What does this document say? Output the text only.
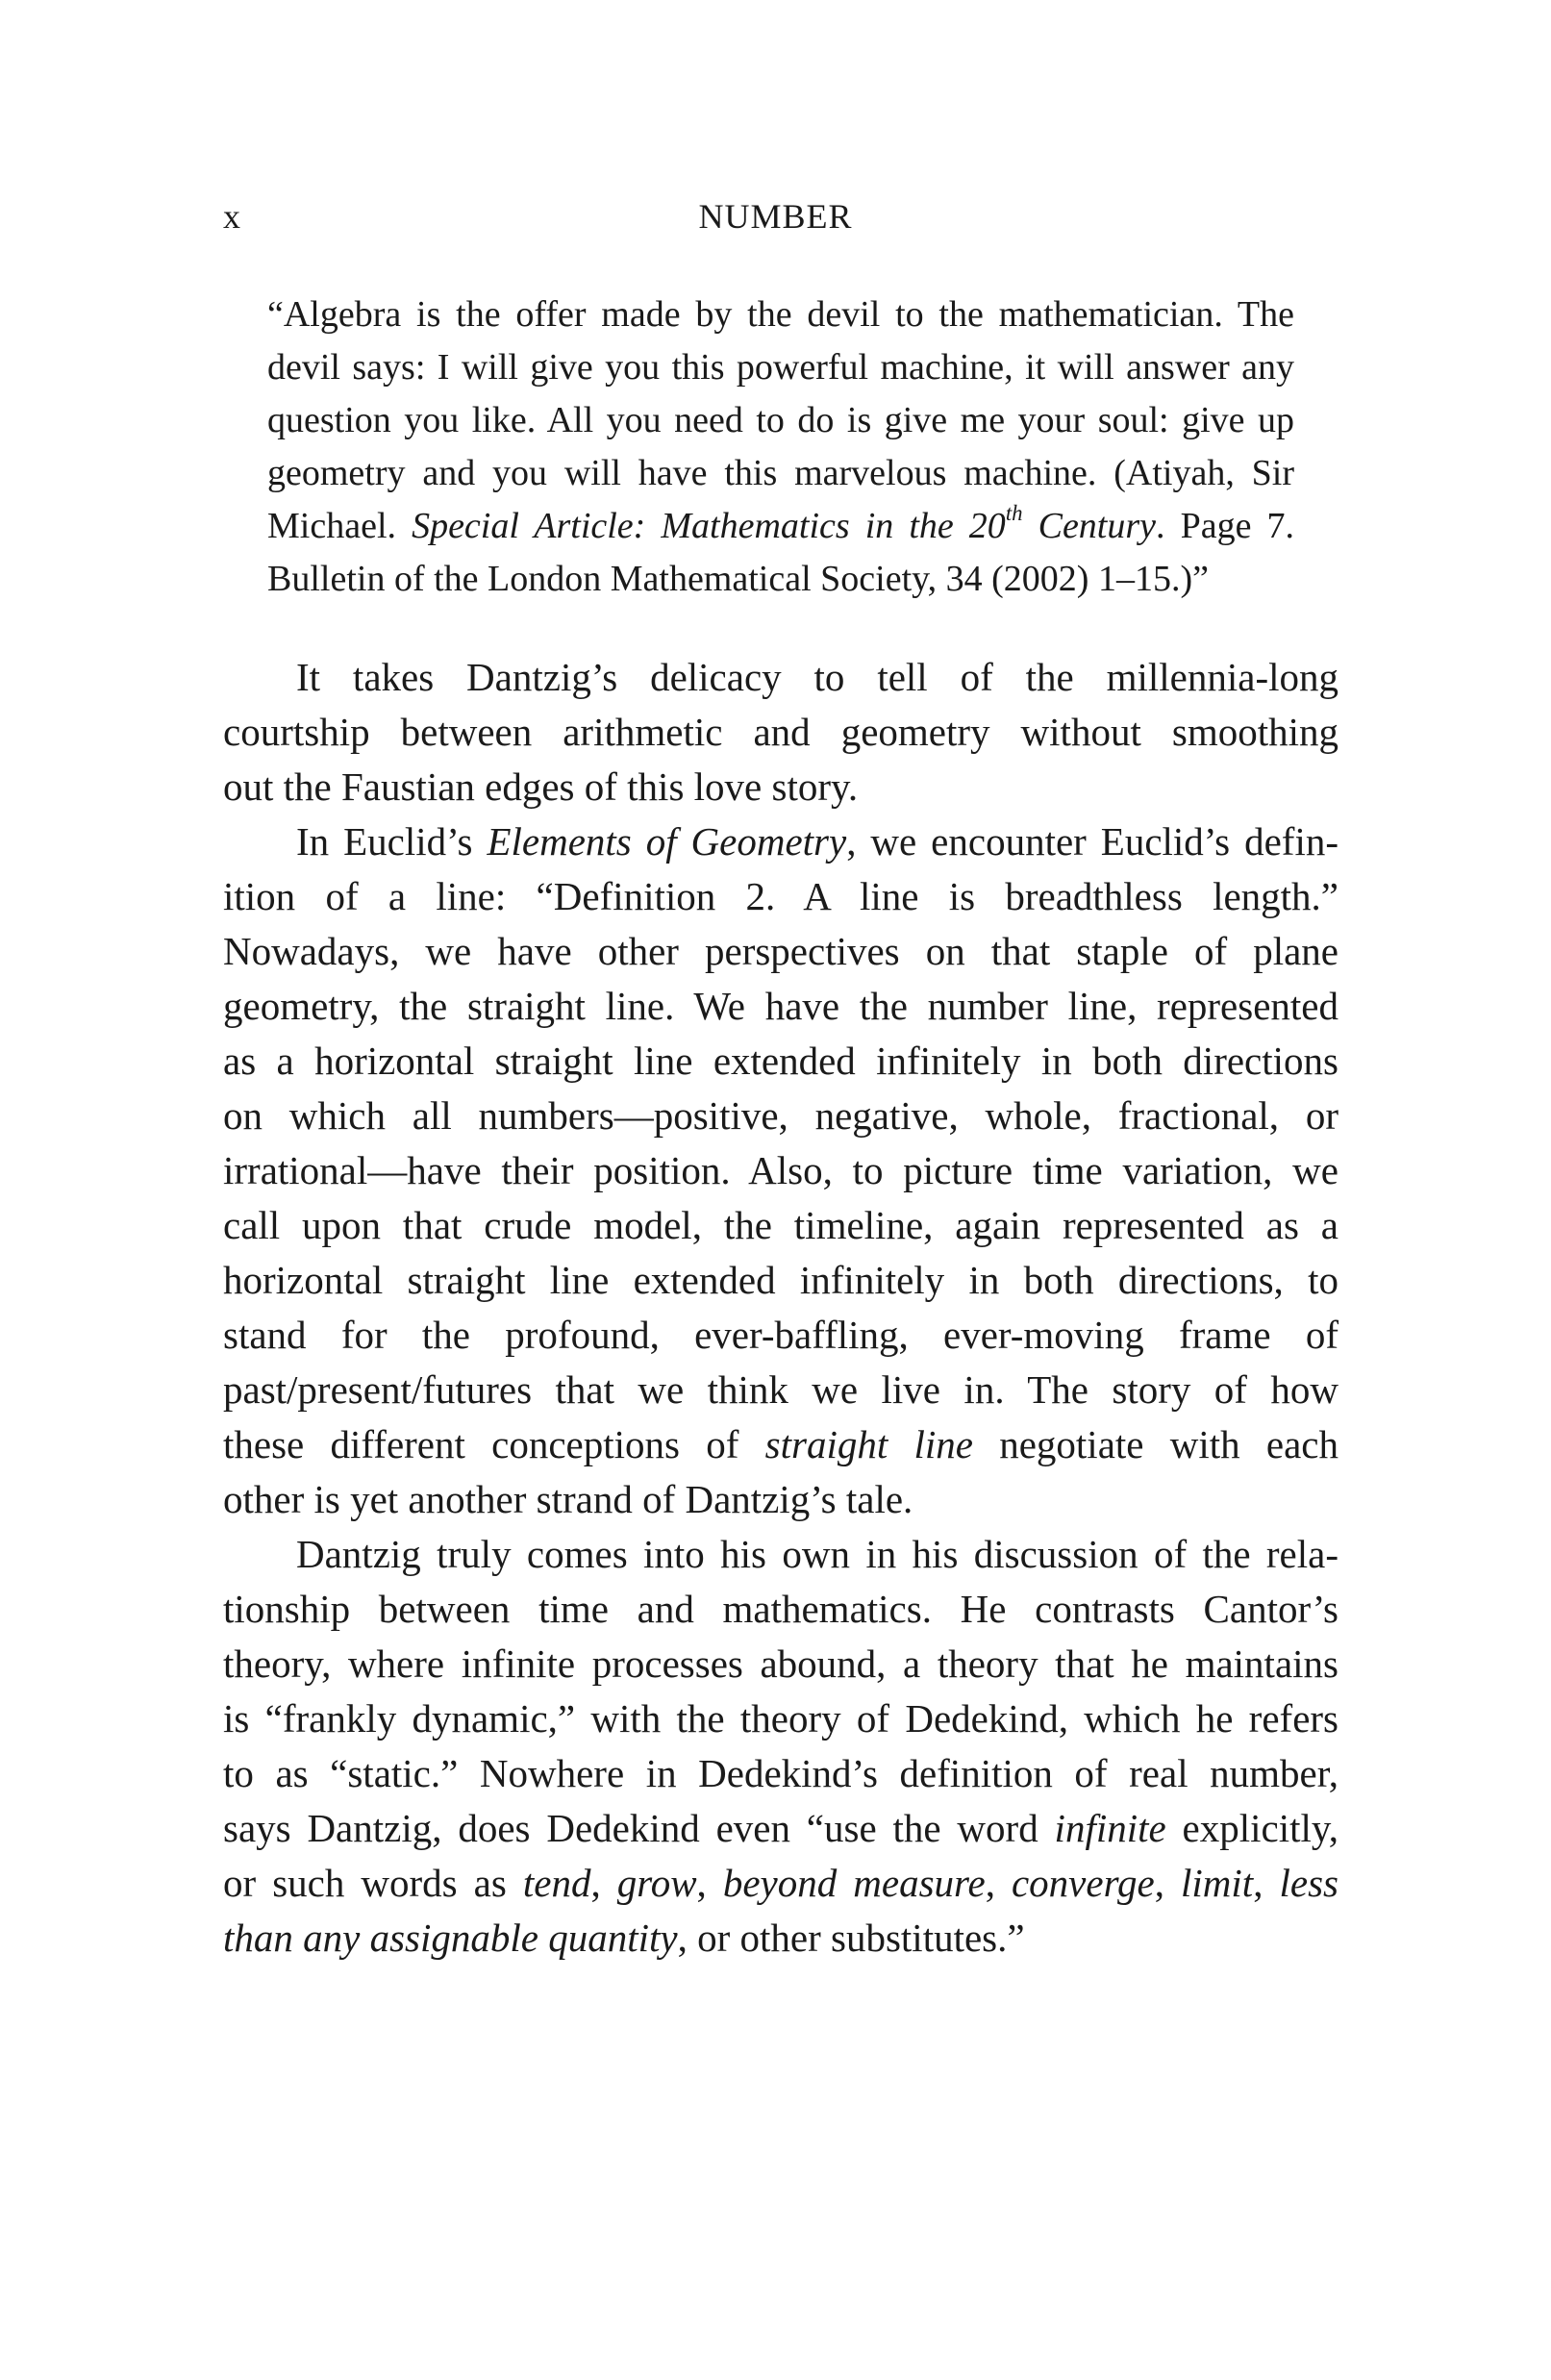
x	NUMBER
“Algebra is the offer made by the devil to the mathematician. The
devil says: I will give you this powerful machine, it will answer any
question you like. All you need to do is give me your soul: give up
geometry and you will have this marvelous machine. (Atiyah, Sir
Michael. Special Article: Mathematics in the 20th Century. Page 7.
Bulletin of the London Mathematical Society, 34 (2002) 1–15.)”
It takes Dantzig’s delicacy to tell of the millennia-long
courtship between arithmetic and geometry without smoothing
out the Faustian edges of this love story.
In Euclid’s Elements of Geometry, we encounter Euclid’s defin-
ition of a line: “Definition 2. A line is breadthless length.”
Nowadays, we have other perspectives on that staple of plane
geometry, the straight line. We have the number line, represented
as a horizontal straight line extended infinitely in both directions
on which all numbers—positive, negative, whole, fractional, or
irrational—have their position. Also, to picture time variation, we
call upon that crude model, the timeline, again represented as a
horizontal straight line extended infinitely in both directions, to
stand for the profound, ever-baffling, ever-moving frame of
past/present/futures that we think we live in. The story of how
these different conceptions of straight line negotiate with each
other is yet another strand of Dantzig’s tale.
Dantzig truly comes into his own in his discussion of the rela-
tionship between time and mathematics. He contrasts Cantor’s
theory, where infinite processes abound, a theory that he maintains
is “frankly dynamic,” with the theory of Dedekind, which he refers
to as “static.” Nowhere in Dedekind’s definition of real number,
says Dantzig, does Dedekind even “use the word infinite explicitly,
or such words as tend, grow, beyond measure, converge, limit, less
than any assignable quantity, or other substitutes.”
